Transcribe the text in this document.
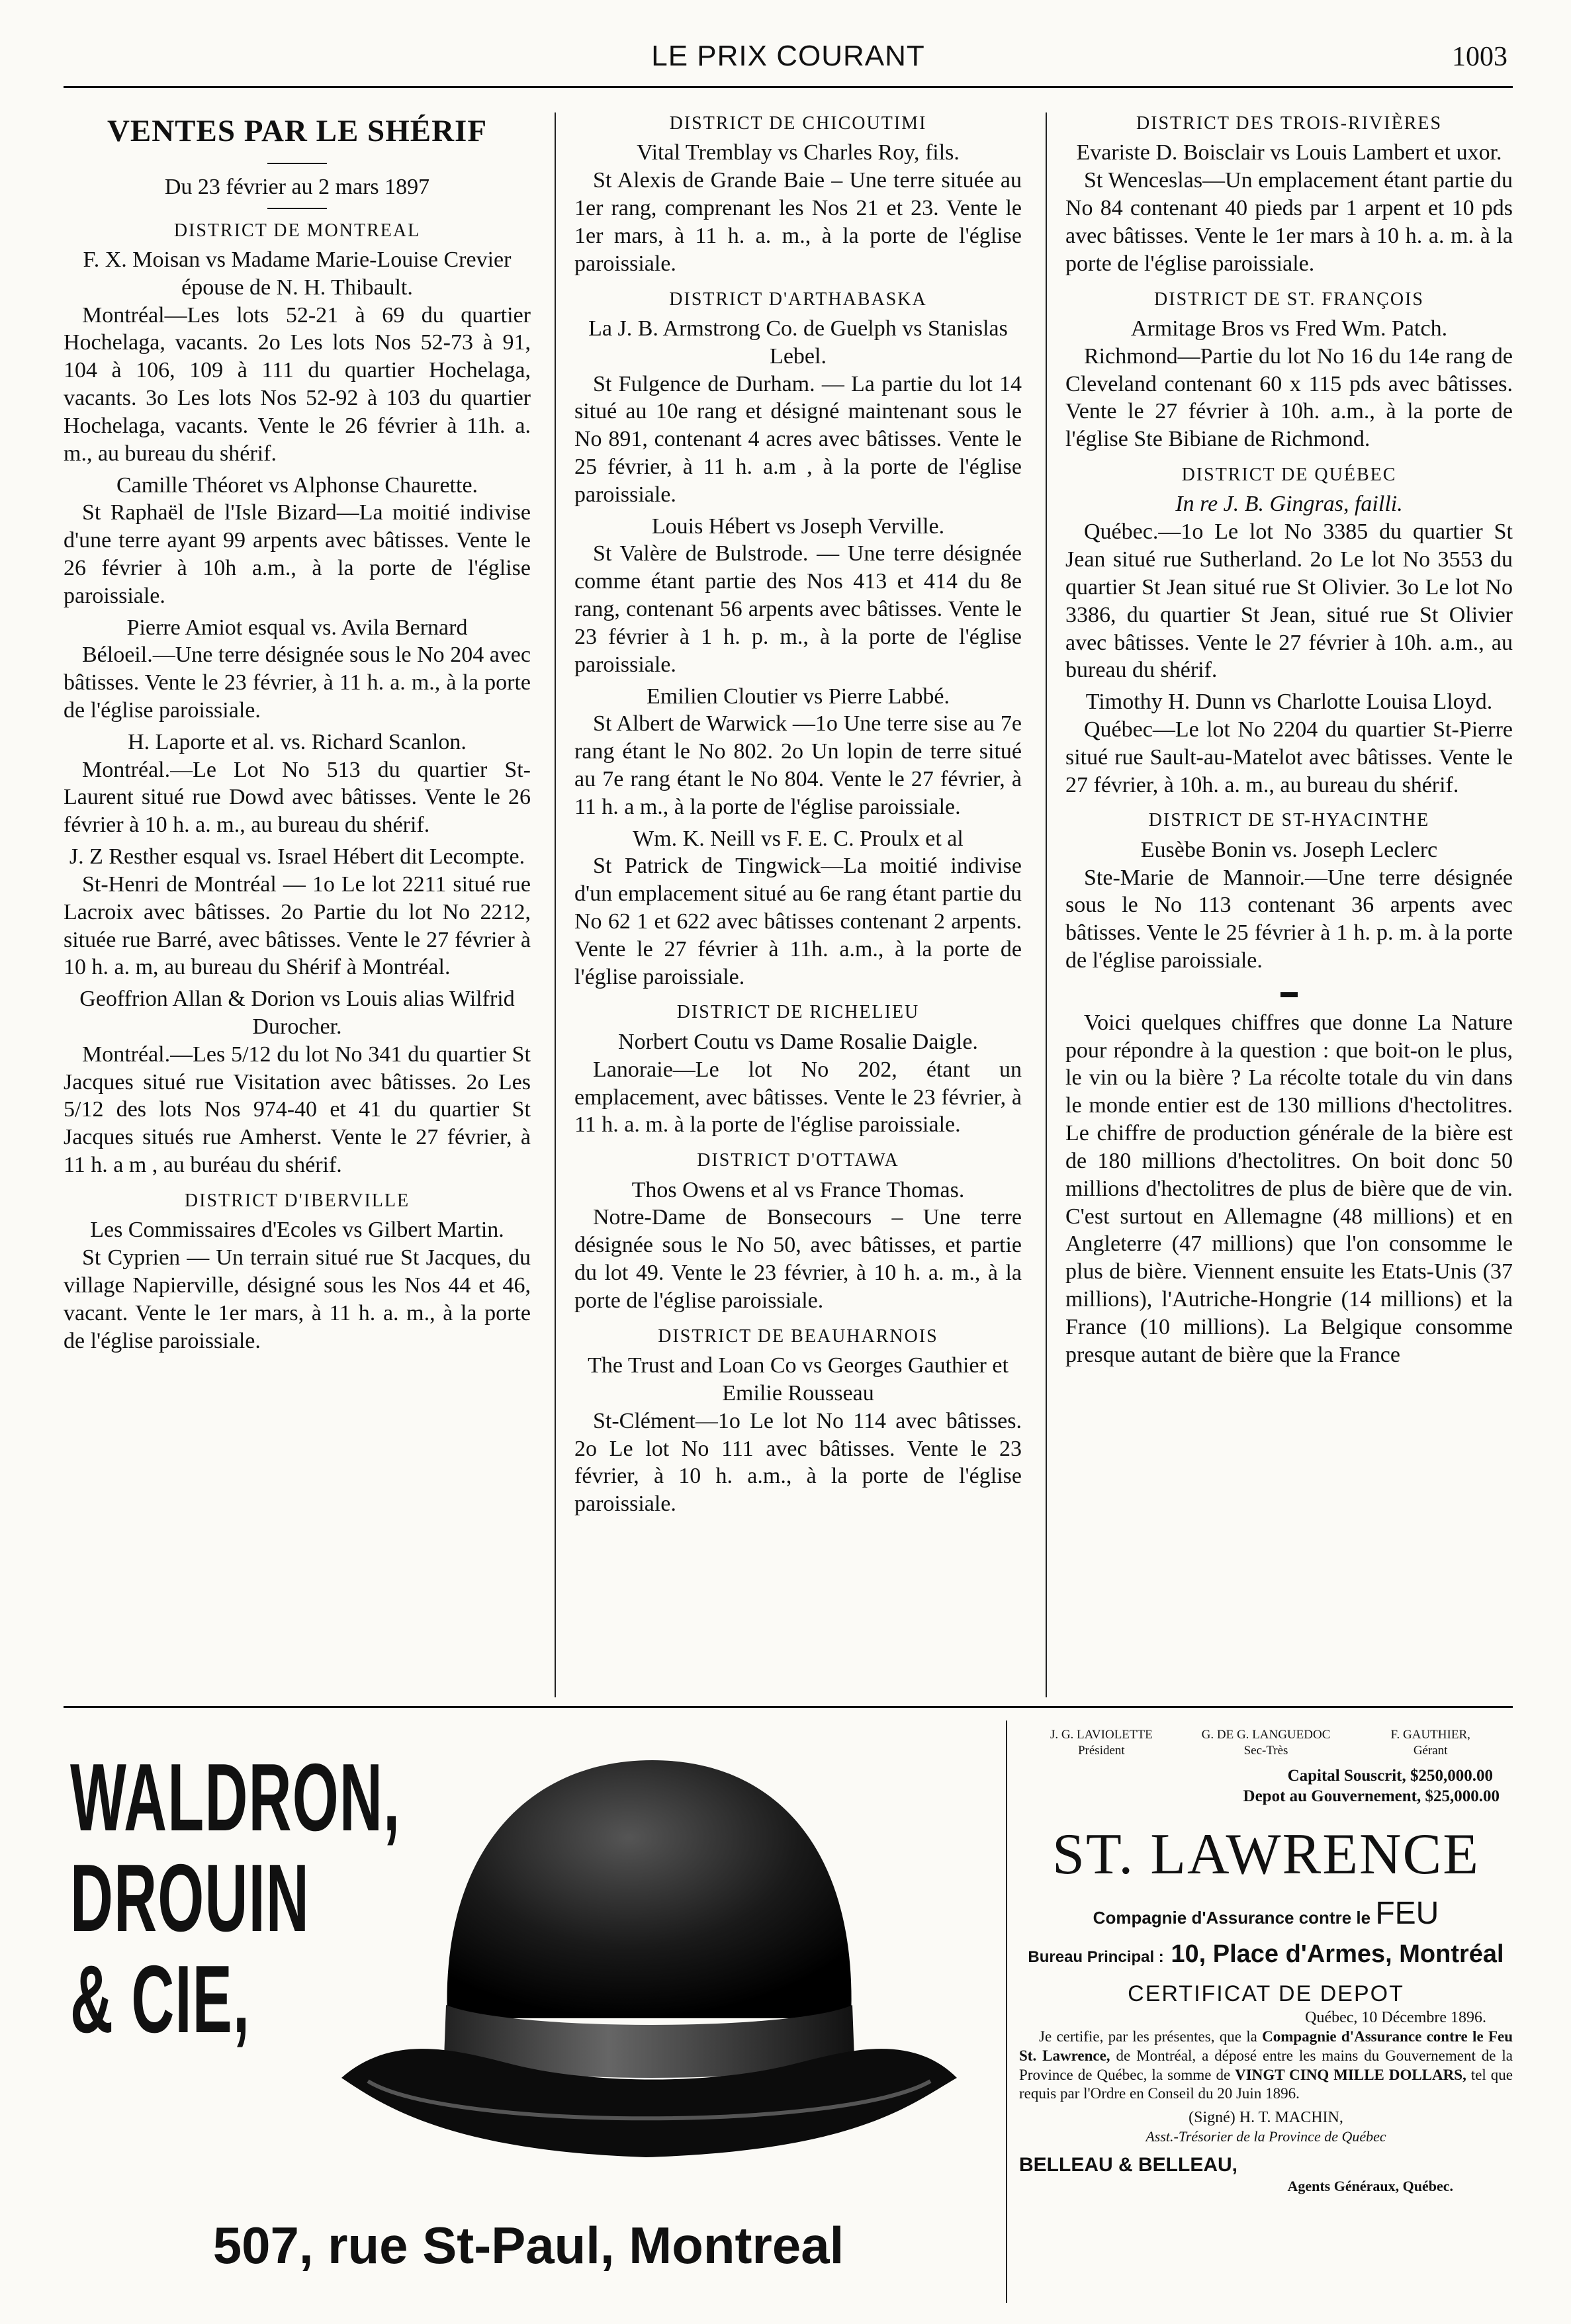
LE PRIX COURANT	1003
VENTES PAR LE SHÉRIF
Du 23 février au 2 mars 1897
DISTRICT DE MONTREAL

F. X. Moisan vs Madame Marie-Louise Crevier épouse de N. H. Thibault.

Montréal—Les lots 52-21 à 69 du quartier Hochelaga, vacants. 2o Les lots Nos 52-73 à 91, 104 à 106, 109 à 111 du quartier Hochelaga, vacants. 3o Les lots Nos 52-92 à 103 du quartier Hochelaga, vacants. Vente le 26 février à 11h. a. m., au bureau du shérif.

Camille Théoret vs Alphonse Chaurette.

St Raphaël de l'Isle Bizard—La moitié indivise d'une terre ayant 99 arpents avec bâtisses. Vente le 26 février à 10h a.m., à la porte de l'église paroissiale.

Pierre Amiot esqual vs. Avila Bernard

Béloeil.—Une terre désignée sous le No 204 avec bâtisses. Vente le 23 février, à 11 h. a. m., à la porte de l'église paroissiale.

H. Laporte et al. vs. Richard Scanlon.

Montréal.—Le Lot No 513 du quartier St-Laurent situé rue Dowd avec bâtisses. Vente le 26 février à 10 h. a. m., au bureau du shérif.

J. Z Resther esqual vs. Israel Hébert dit Lecompte.

St-Henri de Montréal — 1o Le lot 2211 situé rue Lacroix avec bâtisses. 2o Partie du lot No 2212, située rue Barré, avec bâtisses. Vente le 27 février à 10 h. a. m, au bureau du Shérif à Montréal.

Geoffrion Allan & Dorion vs Louis alias Wilfrid Durocher.

Montréal.—Les 5/12 du lot No 341 du quartier St Jacques situé rue Visitation avec bâtisses. 2o Les 5/12 des lots Nos 974-40 et 41 du quartier St Jacques situés rue Amherst. Vente le 27 février, à 11 h. a m , au buréau du shérif.

DISTRICT D'IBERVILLE

Les Commissaires d'Ecoles vs Gilbert Martin.

St Cyprien — Un terrain situé rue St Jacques, du village Napierville, désigné sous les Nos 44 et 46, vacant. Vente le 1er mars, à 11 h. a. m., à la porte de l'église paroissiale.

DISTRICT DE CHICOUTIMI

Vital Tremblay vs Charles Roy, fils.

St Alexis de Grande Baie – Une terre située au 1er rang, comprenant les Nos 21 et 23. Vente le 1er mars, à 11 h. a. m., à la porte de l'église paroissiale.

DISTRICT D'ARTHABASKA

La J. B. Armstrong Co. de Guelph vs Stanislas Lebel.

St Fulgence de Durham. — La partie du lot 14 situé au 10e rang et désigné maintenant sous le No 891, contenant 4 acres avec bâtisses. Vente le 25 février, à 11 h. a.m , à la porte de l'église paroissiale.

Louis Hébert vs Joseph Verville.

St Valère de Bulstrode. — Une terre désignée comme étant partie des Nos 413 et 414 du 8e rang, contenant 56 arpents avec bâtisses. Vente le 23 février à 1 h. p. m., à la porte de l'église paroissiale.

Emilien Cloutier vs Pierre Labbé.

St Albert de Warwick —1o Une terre sise au 7e rang étant le No 802. 2o Un lopin de terre situé au 7e rang étant le No 804. Vente le 27 février, à 11 h. a m., à la porte de l'église paroissiale.

Wm. K. Neill vs F. E. C. Proulx et al

St Patrick de Tingwick—La moitié indivise d'un emplacement situé au 6e rang étant partie du No 62 1 et 622 avec bâtisses contenant 2 arpents. Vente le 27 février à 11h. a.m., à la porte de l'église paroissiale.

DISTRICT DE RICHELIEU

Norbert Coutu vs Dame Rosalie Daigle.

Lanoraie—Le lot No 202, étant un emplacement, avec bâtisses. Vente le 23 février, à 11 h. a. m. à la porte de l'église paroissiale.

DISTRICT D'OTTAWA

Thos Owens et al vs France Thomas.

Notre-Dame de Bonsecours – Une terre désignée sous le No 50, avec bâtisses, et partie du lot 49. Vente le 23 février, à 10 h. a. m., à la porte de l'église paroissiale.

DISTRICT DE BEAUHARNOIS

The Trust and Loan Co vs Georges Gauthier et Emilie Rousseau

St-Clément—1o Le lot No 114 avec bâtisses. 2o Le lot No 111 avec bâtisses. Vente le 23 février, à 10 h. a.m., à la porte de l'église paroissiale.

DISTRICT DES TROIS-RIVIÈRES

Evariste D. Boisclair vs Louis Lambert et uxor.

St Wenceslas—Un emplacement étant partie du No 84 contenant 40 pieds par 1 arpent et 10 pds avec bâtisses. Vente le 1er mars à 10 h. a. m. à la porte de l'église paroissiale.

DISTRICT DE ST. FRANÇOIS

Armitage Bros vs Fred Wm. Patch.

Richmond—Partie du lot No 16 du 14e rang de Cleveland contenant 60 x 115 pds avec bâtisses. Vente le 27 février à 10h. a.m., à la porte de l'église Ste Bibiane de Richmond.

DISTRICT DE QUÉBEC

In re J. B. Gingras, failli.

Québec.—1o Le lot No 3385 du quartier St Jean situé rue Sutherland. 2o Le lot No 3553 du quartier St Jean situé rue St Olivier. 3o Le lot No 3386, du quartier St Jean, situé rue St Olivier avec bâtisses. Vente le 27 février à 10h. a.m., au bureau du shérif.

Timothy H. Dunn vs Charlotte Louisa Lloyd.

Québec—Le lot No 2204 du quartier St-Pierre situé rue Sault-au-Matelot avec bâtisses. Vente le 27 février, à 10h. a. m., au bureau du shérif.

DISTRICT DE ST-HYACINTHE

Eusèbe Bonin vs. Joseph Leclerc

Ste-Marie de Mannoir.—Une terre désignée sous le No 113 contenant 36 arpents avec bâtisses. Vente le 25 février à 1 h. p. m. à la porte de l'église paroissiale.

▬

Voici quelques chiffres que donne La Nature pour répondre à la question : que boit-on le plus, le vin ou la bière ? La récolte totale du vin dans le monde entier est de 130 millions d'hectolitres. Le chiffre de production générale de la bière est de 180 millions d'hectolitres. On boit donc 50 millions d'hectolitres de plus de bière que de vin. C'est surtout en Allemagne (48 millions) et en Angleterre (47 millions) que l'on consomme le plus de bière. Viennent ensuite les Etats-Unis (37 millions), l'Autriche-Hongrie (14 millions) et la France (10 millions). La Belgique consomme presque autant de bière que la France

WALDRON,
DROUIN
& CIE,
507, rue St-Paul, Montreal
J. G. LAVIOLETTE	G. DE G. LANGUEDOC	F. GAUTHIER,
Président	Sec-Très	Gérant
Capital Souscrit, $250,000.00
Depot au Gouvernement, $25,000.00
ST. LAWRENCE
Compagnie d'Assurance contre le FEU
Bureau Principal : 10, Place d'Armes, Montréal
CERTIFICAT DE DEPOT
Québec, 10 Décembre 1896.
Je certifie, par les présentes, que la Compagnie d'Assurance contre le Feu St. Lawrence, de Montréal, a déposé entre les mains du Gouvernement de la Province de Québec, la somme de VINGT CINQ MILLE DOLLARS, tel que requis par l'Ordre en Conseil du 20 Juin 1896.
(Signé) H. T. MACHIN,
Asst.-Trésorier de la Province de Québec
BELLEAU & BELLEAU,
Agents Généraux, Québec.
